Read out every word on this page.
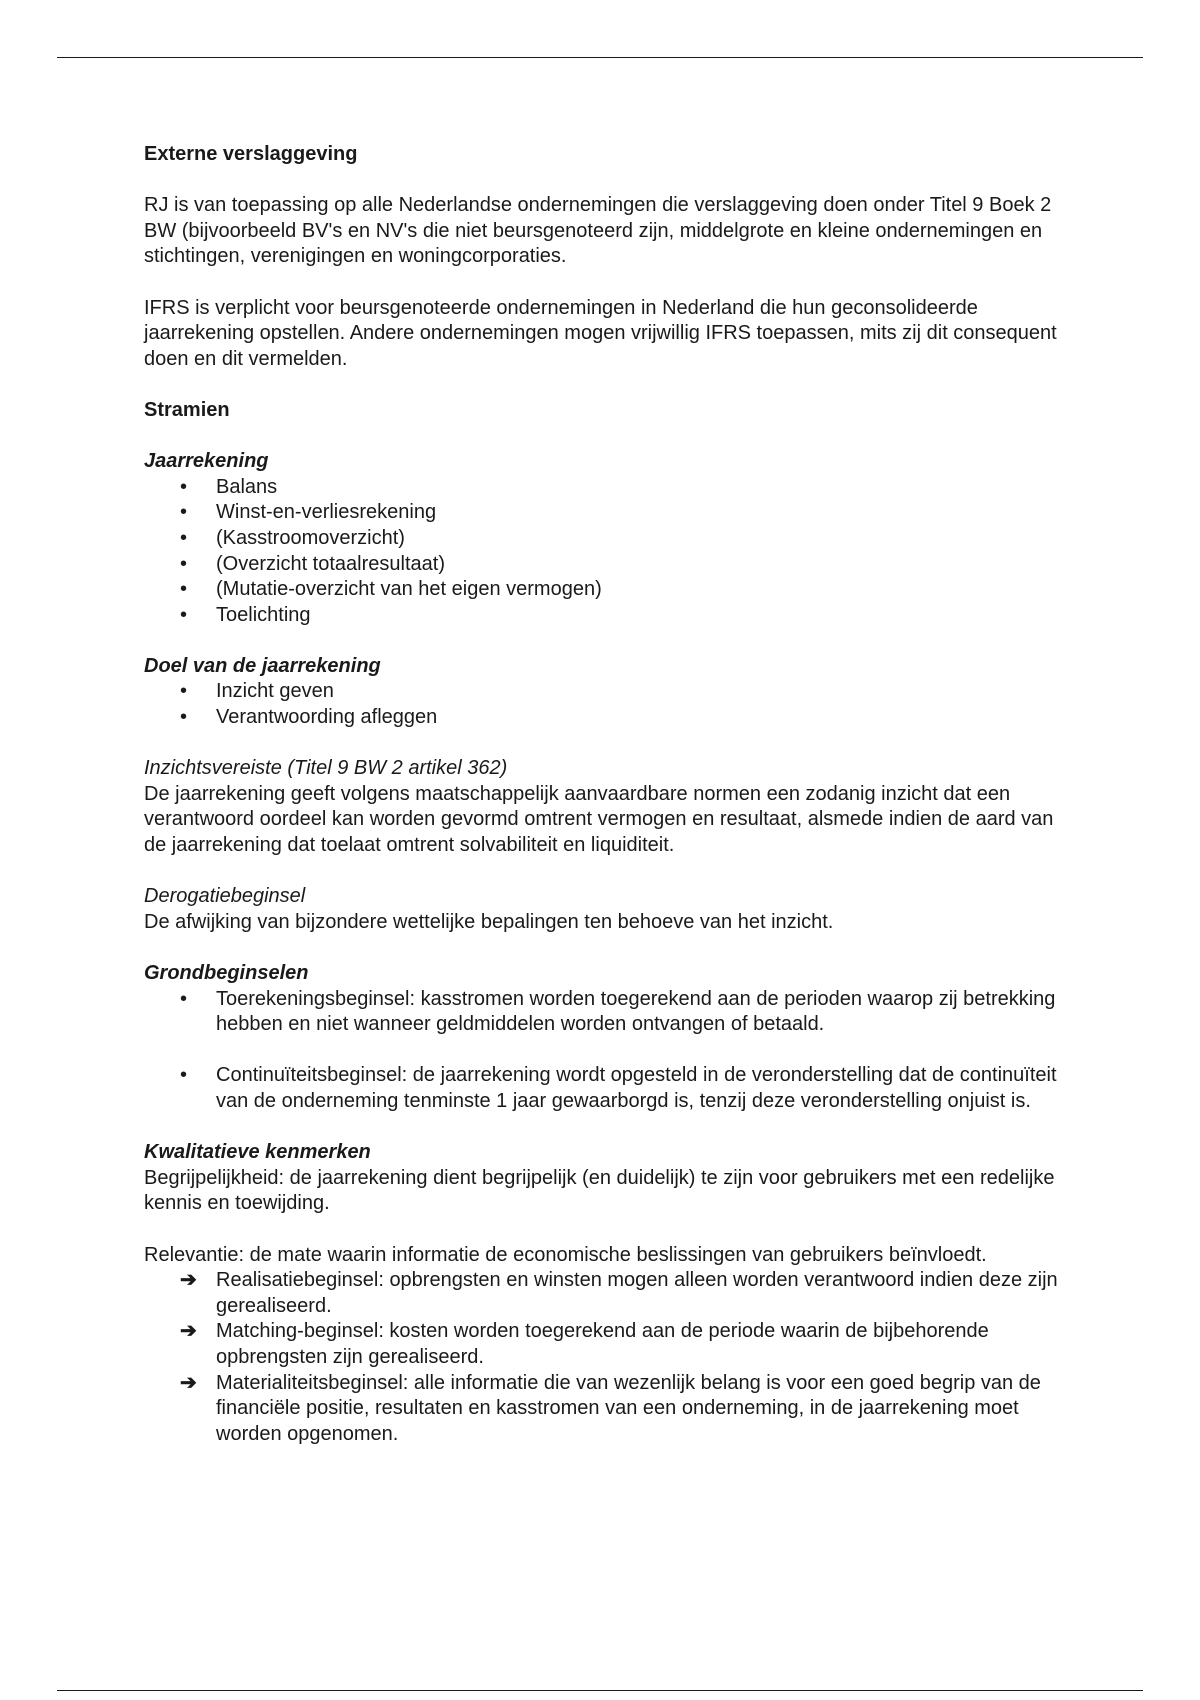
Externe verslaggeving

RJ is van toepassing op alle Nederlandse ondernemingen die verslaggeving doen onder Titel 9 Boek 2 BW (bijvoorbeeld BV's en NV's die niet beursgenoteerd zijn, middelgrote en kleine ondernemingen en stichtingen, verenigingen en woningcorporaties.

IFRS is verplicht voor beursgenoteerde ondernemingen in Nederland die hun geconsolideerde jaarrekening opstellen. Andere ondernemingen mogen vrijwillig IFRS toepassen, mits zij dit consequent doen en dit vermelden.

Stramien

Jaarrekening

•	Balans
•	Winst-en-verliesrekening
•	(Kasstroomoverzicht)
•	(Overzicht totaalresultaat)
•	(Mutatie-overzicht van het eigen vermogen)
•	Toelichting

Doel van de jaarrekening

•	Inzicht geven
•	Verantwoording afleggen

Inzichtsvereiste (Titel 9 BW 2 artikel 362)

De jaarrekening geeft volgens maatschappelijk aanvaardbare normen een zodanig inzicht dat een verantwoord oordeel kan worden gevormd omtrent vermogen en resultaat, alsmede indien de aard van de jaarrekening dat toelaat omtrent solvabiliteit en liquiditeit.

Derogatiebeginsel

De afwijking van bijzondere wettelijke bepalingen ten behoeve van het inzicht.

Grondbeginselen

•	Toerekeningsbeginsel: kasstromen worden toegerekend aan de perioden waarop zij betrekking hebben en niet wanneer geldmiddelen worden ontvangen of betaald.
•	Continuïteitsbeginsel: de jaarrekening wordt opgesteld in de veronderstelling dat de continuïteit van de onderneming tenminste 1 jaar gewaarborgd is, tenzij deze veronderstelling onjuist is.

Kwalitatieve kenmerken

Begrijpelijkheid: de jaarrekening dient begrijpelijk (en duidelijk) te zijn voor gebruikers met een redelijke kennis en toewijding.

Relevantie: de mate waarin informatie de economische beslissingen van gebruikers beïnvloedt.

➔ Realisatiebeginsel: opbrengsten en winsten mogen alleen worden verantwoord indien deze zijn gerealiseerd.
➔ Matching-beginsel: kosten worden toegerekend aan de periode waarin de bijbehorende opbrengsten zijn gerealiseerd.
➔ Materialiteitsbeginsel: alle informatie die van wezenlijk belang is voor een goed begrip van de financiële positie, resultaten en kasstromen van een onderneming, in de jaarrekening moet worden opgenomen.
